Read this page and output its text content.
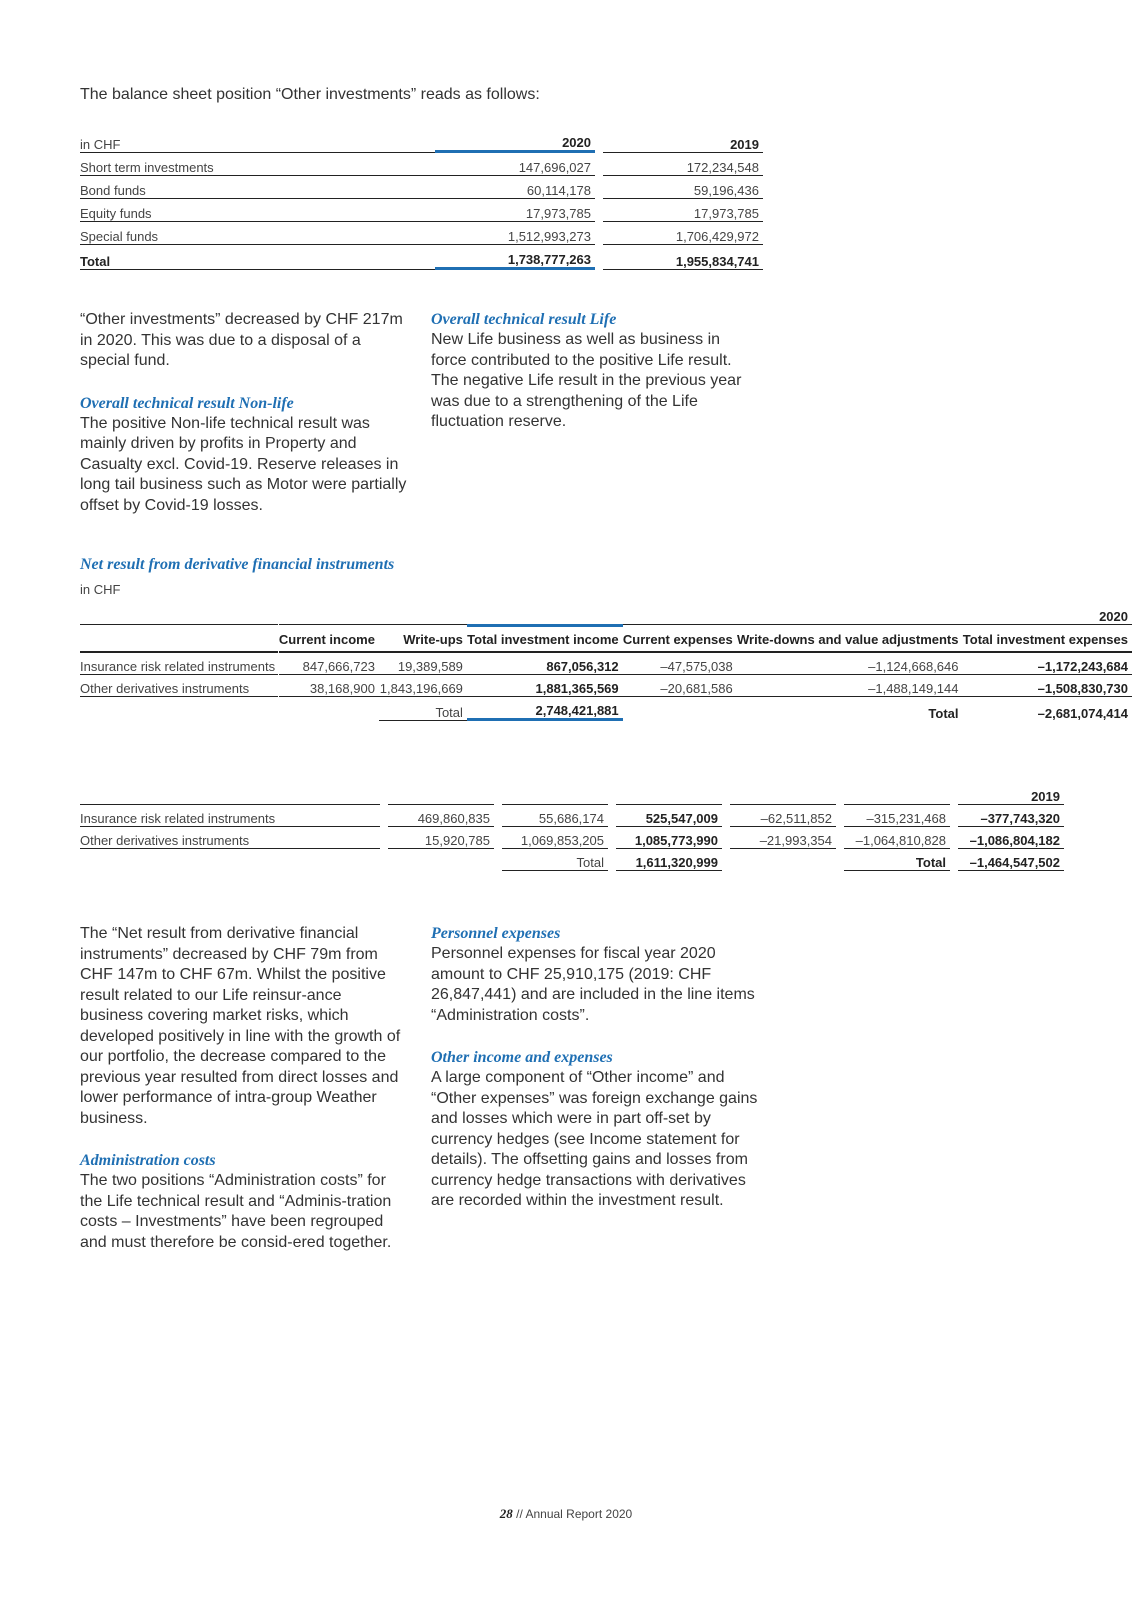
The balance sheet position “Other investments” reads as follows:
in CHF	2020		2019
Short term investments	147,696,027		172,234,548
Bond funds	60,114,178		59,196,436
Equity funds	17,973,785		17,973,785
Special funds	1,512,993,273		1,706,429,972
Total	1,738,777,263		1,955,834,741

“Other investments” decreased by CHF 217m in 2020. This was due to a disposal of a special fund.

Overall technical result Non-life

The positive Non-life technical result was mainly driven by profits in Property and Casualty excl. Covid-19. Reserve releases in long tail business such as Motor were partially offset by Covid-19 losses.

Overall technical result Life

New Life business as well as business in force contributed to the positive Life result. The negative Life result in the previous year was due to a strengthening of the Life fluctuation reserve.

Net result from derivative financial instruments
in CHF
												2020
		Current income		Write-ups		Total investment income		Current expenses		Write-downs and value adjustments		Total investment expenses
Insurance risk related instruments		847,666,723		19,389,589		867,056,312		–47,575,038		–1,124,668,646		–1,172,243,684
Other derivatives instruments		38,168,900		1,843,196,669		1,881,365,569		–20,681,586		–1,488,149,144		–1,508,830,730
				Total		2,748,421,881				Total		–2,681,074,414
												2019
Insurance risk related instruments		469,860,835		55,686,174		525,547,009		–62,511,852		–315,231,468		–377,743,320
Other derivatives instruments		15,920,785		1,069,853,205		1,085,773,990		–21,993,354		–1,064,810,828		–1,086,804,182
				Total		1,611,320,999				Total		–1,464,547,502

The “Net result from derivative financial instruments” decreased by CHF 79m from CHF 147m to CHF 67m. Whilst the positive result related to our Life reinsur-ance business covering market risks, which developed positively in line with the growth of our portfolio, the decrease compared to the previous year resulted from direct losses and lower performance of intra-group Weather business.

Administration costs

The two positions “Administration costs” for the Life technical result and “Adminis-tration costs – Investments” have been regrouped and must therefore be consid-ered together.

Personnel expenses

Personnel expenses for fiscal year 2020 amount to CHF 25,910,175 (2019: CHF 26,847,441) and are included in the line items “Administration costs”.

Other income and expenses

A large component of “Other income” and “Other expenses” was foreign exchange gains and losses which were in part off-set by currency hedges (see Income statement for details). The offsetting gains and losses from currency hedge transactions with derivatives are recorded within the investment result.

28 // Annual Report 2020
